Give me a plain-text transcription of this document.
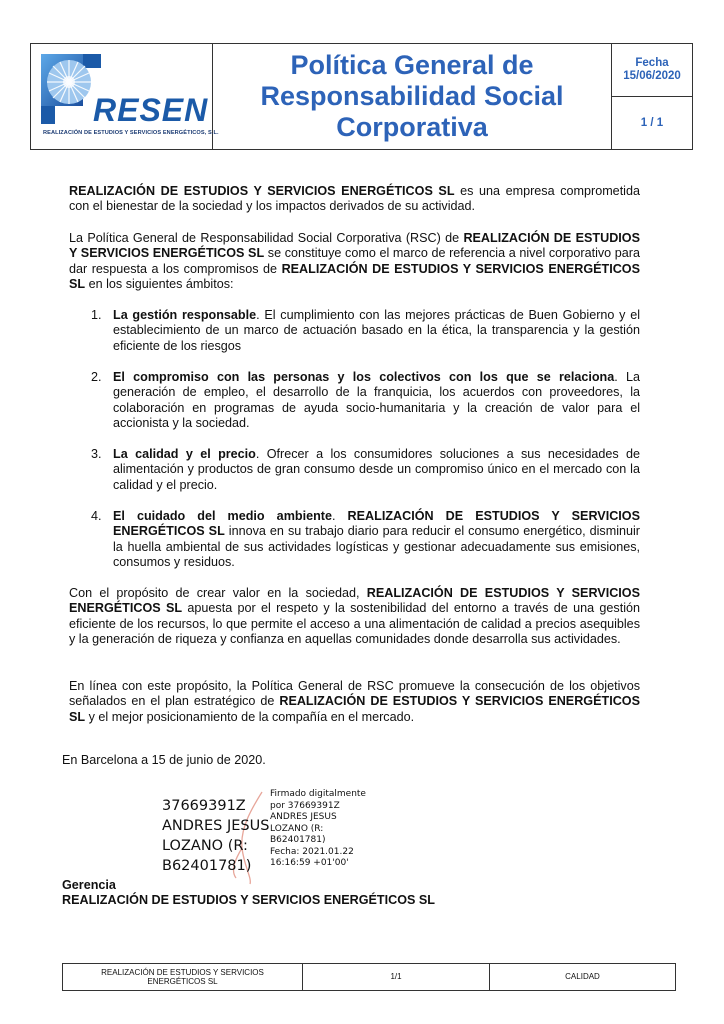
RESEN
REALIZACIÓN DE ESTUDIOS Y SERVICIOS ENERGÉTICOS, S.L.
Política General de Responsabilidad Social Corporativa
Fecha
15/06/2020
1 / 1
REALIZACIÓN DE ESTUDIOS Y SERVICIOS ENERGÉTICOS SL es una empresa comprometida con el bienestar de la sociedad y los impactos derivados de su actividad.
La Política General de Responsabilidad Social Corporativa (RSC) de REALIZACIÓN DE ESTUDIOS Y SERVICIOS ENERGÉTICOS SL se constituye como el marco de referencia a nivel corporativo para dar respuesta a los compromisos de REALIZACIÓN DE ESTUDIOS Y SERVICIOS ENERGÉTICOS SL en los siguientes ámbitos:
1. La gestión responsable. El cumplimiento con las mejores prácticas de Buen Gobierno y el establecimiento de un marco de actuación basado en la ética, la transparencia y la gestión eficiente de los riesgos
2. El compromiso con las personas y los colectivos con los que se relaciona. La generación de empleo, el desarrollo de la franquicia, los acuerdos con proveedores, la colaboración en programas de ayuda socio-humanitaria y la creación de valor para el accionista y la sociedad.
3. La calidad y el precio. Ofrecer a los consumidores soluciones a sus necesidades de alimentación y productos de gran consumo desde un compromiso único en el mercado con la calidad y el precio.
4. El cuidado del medio ambiente. REALIZACIÓN DE ESTUDIOS Y SERVICIOS ENERGÉTICOS SL innova en su trabajo diario para reducir el consumo energético, disminuir la huella ambiental de sus actividades logísticas y gestionar adecuadamente sus emisiones, consumos y residuos.
Con el propósito de crear valor en la sociedad, REALIZACIÓN DE ESTUDIOS Y SERVICIOS ENERGÉTICOS SL apuesta por el respeto y la sostenibilidad del entorno a través de una gestión eficiente de los recursos, lo que permite el acceso a una alimentación de calidad a precios asequibles y la generación de riqueza y confianza en aquellas comunidades donde desarrolla sus actividades.
En línea con este propósito, la Política General de RSC promueve la consecución de los objetivos señalados en el plan estratégico de REALIZACIÓN DE ESTUDIOS Y SERVICIOS ENERGÉTICOS SL y el mejor posicionamiento de la compañía en el mercado.
En Barcelona a 15 de junio de 2020.
37669391Z
ANDRES JESUS
LOZANO (R:
B62401781)
Firmado digitalmente
por 37669391Z
ANDRES JESUS
LOZANO (R:
B62401781)
Fecha: 2021.01.22
16:16:59 +01'00'
Gerencia
REALIZACIÓN DE ESTUDIOS Y SERVICIOS ENERGÉTICOS SL
REALIZACIÓN DE ESTUDIOS Y SERVICIOS ENERGÉTICOS SL
1/1	CALIDAD
